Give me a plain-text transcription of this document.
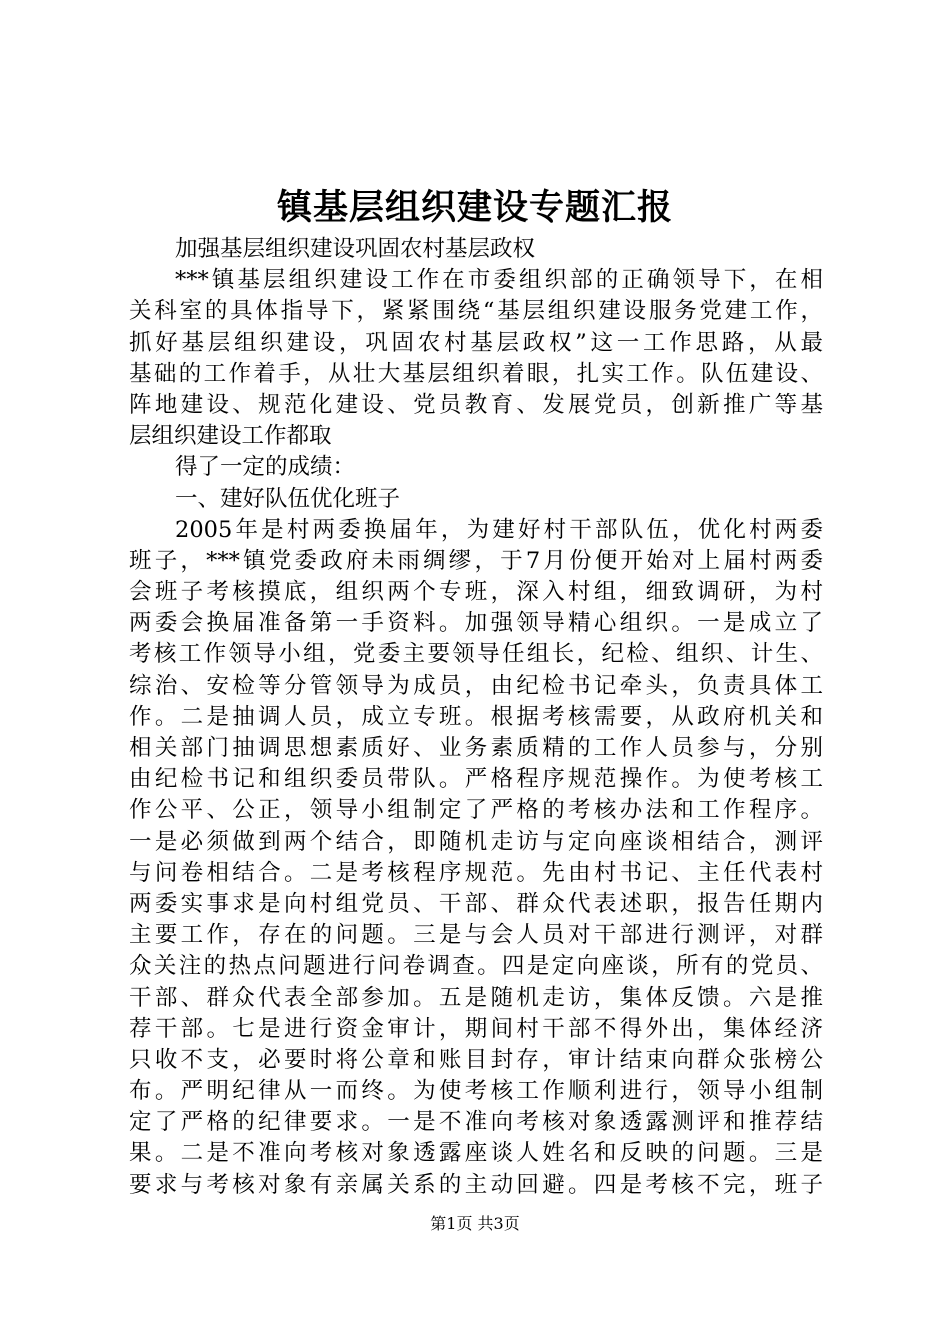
镇基层组织建设专题汇报
加强基层组织建设巩固农村基层政权
***镇基层组织建设工作在市委组织部的正确领导下，在相
关科室的具体指导下，紧紧围绕“基层组织建设服务党建工作，
抓好基层组织建设，巩固农村基层政权”这一工作思路，从最
基础的工作着手，从壮大基层组织着眼，扎实工作。队伍建设、
阵地建设、规范化建设、党员教育、发展党员，创新推广等基
层组织建设工作都取
得了一定的成绩：
一、建好队伍优化班子
2005年是村两委换届年，为建好村干部队伍，优化村两委
班子，***镇党委政府未雨绸缪，于7月份便开始对上届村两委
会班子考核摸底，组织两个专班，深入村组，细致调研，为村
两委会换届准备第一手资料。加强领导精心组织。一是成立了
考核工作领导小组，党委主要领导任组长，纪检、组织、计生、
综治、安检等分管领导为成员，由纪检书记牵头，负责具体工
作。二是抽调人员，成立专班。根据考核需要，从政府机关和
相关部门抽调思想素质好、业务素质精的工作人员参与，分别
由纪检书记和组织委员带队。严格程序规范操作。为使考核工
作公平、公正，领导小组制定了严格的考核办法和工作程序。
一是必须做到两个结合，即随机走访与定向座谈相结合，测评
与问卷相结合。二是考核程序规范。先由村书记、主任代表村
两委实事求是向村组党员、干部、群众代表述职，报告任期内
主要工作，存在的问题。三是与会人员对干部进行测评，对群
众关注的热点问题进行问卷调查。四是定向座谈，所有的党员、
干部、群众代表全部参加。五是随机走访，集体反馈。六是推
荐干部。七是进行资金审计，期间村干部不得外出，集体经济
只收不支，必要时将公章和账目封存，审计结束向群众张榜公
布。严明纪律从一而终。为使考核工作顺利进行，领导小组制
定了严格的纪律要求。一是不准向考核对象透露测评和推荐结
果。二是不准向考核对象透露座谈人姓名和反映的问题。三是
要求与考核对象有亲属关系的主动回避。四是考核不完，班子
第1页 共3页
